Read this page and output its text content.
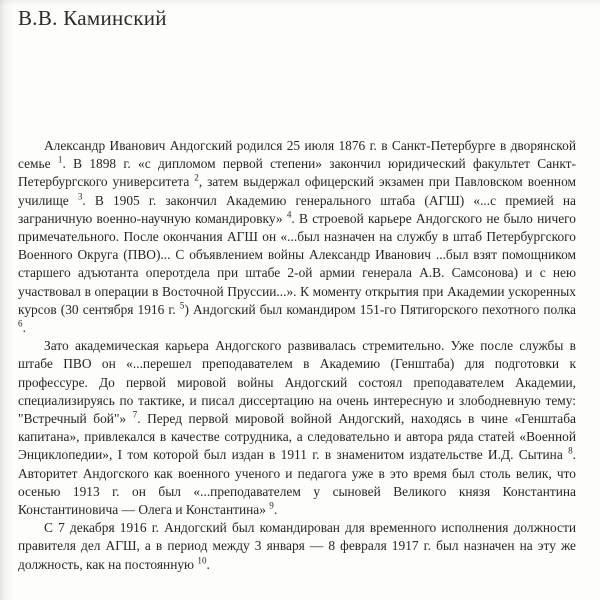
В.В. Каминский

Александр Иванович Андогский родился 25 июля 1876 г. в Санкт-Петербурге в дворянской семье $^1$. В 1898 г. «с дипломом первой степени» закончил юридический факультет Санкт-Петербургского университета $^2$, затем выдержал офицерский экзамен при Павловском военном училище $^3$. В 1905 г. закончил Академию генерального штаба (АГШ) «...с премией на заграничную военно-научную командировку» $^4$. В строевой карьере Андогского не было ничего примечательного. После окончания АГШ он «...был назначен на службу в штаб Петербургского Военного Округа (ПВО)... С объявлением войны Александр Иванович ...был взят помощником старшего адъютанта оперотдела при штабе 2-ой армии генерала А.В. Самсонова) и с нею участвовал в операции в Восточной Пруссии...». К моменту открытия при Академии ускоренных курсов (30 сентября 1916 г. $^5$) Андогский был командиром 151-го Пятигорского пехотного полка $^6$.

Зато академическая карьера Андогского развивалась стремительно. Уже после службы в штабе ПВО он «...перешел преподавателем в Академию (Генштаба) для подготовки к профессуре. До первой мировой войны Андогский состоял преподавателем Академии, специализируясь по тактике, и писал диссертацию на очень интересную и злободневную тему: "Встречный бой"» $^7$. Перед первой мировой войной Андогский, находясь в чине «Генштаба капитана», привлекался в качестве сотрудника, а следовательно и автора ряда статей «Военной Энциклопедии», I том которой был издан в 1911 г. в знаменитом издательстве И.Д. Сытина $^8$. Авторитет Андогского как военного ученого и педагога уже в это время был столь велик, что осенью 1913 г. он был «...преподавателем у сыновей Великого князя Константина Константиновича — Олега и Константина» $^9$.

С 7 декабря 1916 г. Андогский был командирован для временного исполнения должности правителя дел АГШ, а в период между 3 января — 8 февраля 1917 г. был назначен на эту же должность, как на постоянную $^{10}$.
